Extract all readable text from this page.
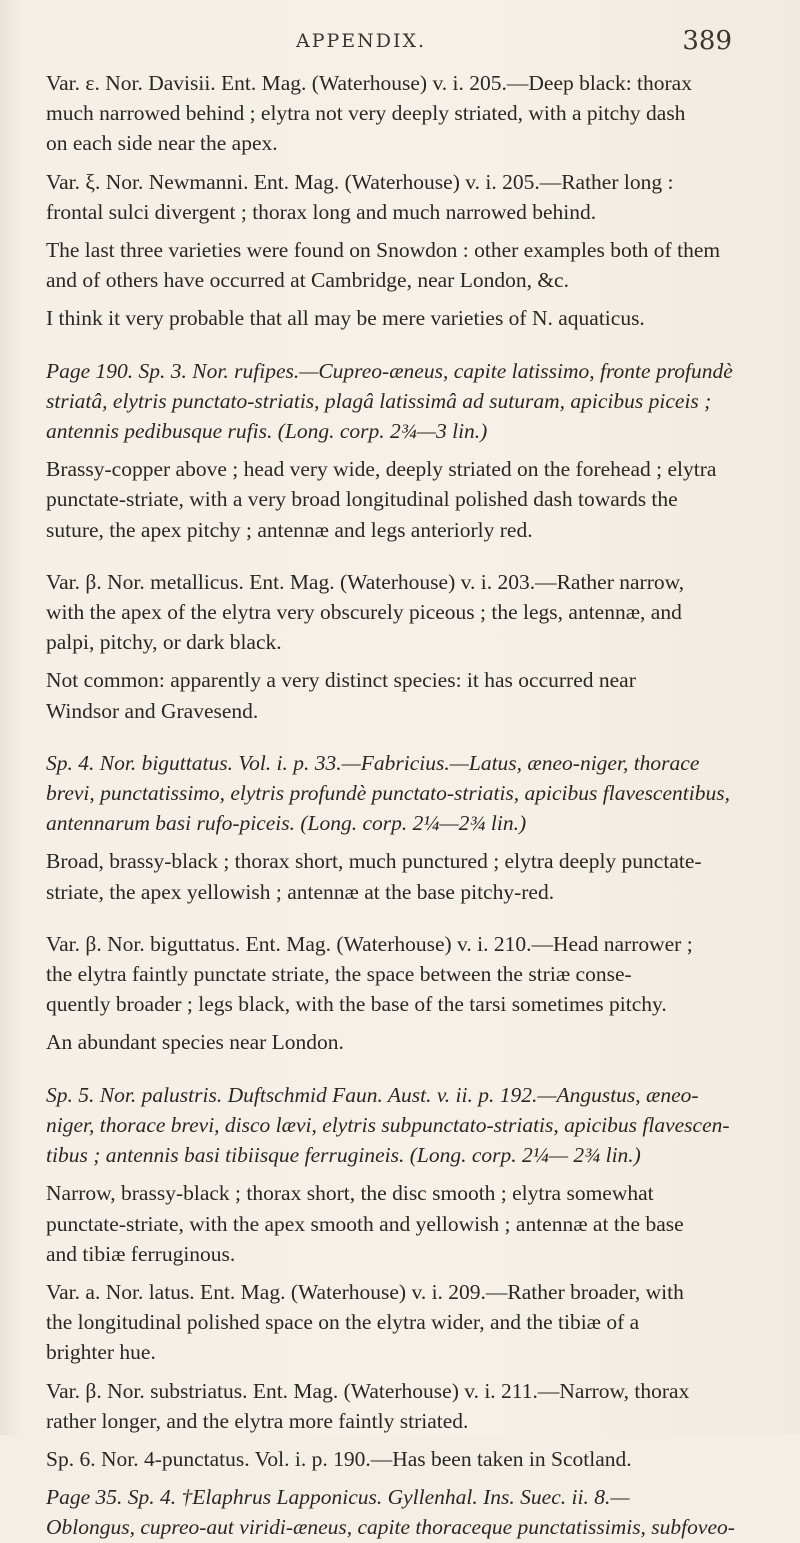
APPENDIX.	389
Var. ε. Nor. Davisii. Ent. Mag. (Waterhouse) v. i. 205.—Deep black: thorax
much narrowed behind ; elytra not very deeply striated, with a pitchy dash
on each side near the apex.
Var. ξ. Nor. Newmanni. Ent. Mag. (Waterhouse) v. i. 205.—Rather long :
frontal sulci divergent ; thorax long and much narrowed behind.
The last three varieties were found on Snowdon : other examples both of them
and of others have occurred at Cambridge, near London, &c.
I think it very probable that all may be mere varieties of N. aquaticus.
Page 190. Sp. 3. Nor. rufipes.—Cupreo-æneus, capite latissimo, fronte profundè
striatâ, elytris punctato-striatis, plagâ latissimâ ad suturam, apicibus piceis ;
antennis pedibusque rufis. (Long. corp. 2¾—3 lin.)
Brassy-copper above ; head very wide, deeply striated on the forehead ; elytra
punctate-striate, with a very broad longitudinal polished dash towards the
suture, the apex pitchy ; antennæ and legs anteriorly red.
Var. β. Nor. metallicus. Ent. Mag. (Waterhouse) v. i. 203.—Rather narrow,
with the apex of the elytra very obscurely piceous ; the legs, antennæ, and
palpi, pitchy, or dark black.
Not common: apparently a very distinct species: it has occurred near
Windsor and Gravesend.
Sp. 4. Nor. biguttatus. Vol. i. p. 33.—Fabricius.—Latus, æneo-niger, thorace
brevi, punctatissimo, elytris profundè punctato-striatis, apicibus flavescentibus,
antennarum basi rufo-piceis. (Long. corp. 2¼—2¾ lin.)
Broad, brassy-black ; thorax short, much punctured ; elytra deeply punctate-
striate, the apex yellowish ; antennæ at the base pitchy-red.
Var. β. Nor. biguttatus. Ent. Mag. (Waterhouse) v. i. 210.—Head narrower ;
the elytra faintly punctate striate, the space between the striæ conse-
quently broader ; legs black, with the base of the tarsi sometimes pitchy.
An abundant species near London.
Sp. 5. Nor. palustris. Duftschmid Faun. Aust. v. ii. p. 192.—Angustus, æneo-
niger, thorace brevi, disco lævi, elytris subpunctato-striatis, apicibus flavescen-
tibus ; antennis basi tibiisque ferrugineis. (Long. corp. 2¼— 2¾ lin.)
Narrow, brassy-black ; thorax short, the disc smooth ; elytra somewhat
punctate-striate, with the apex smooth and yellowish ; antennæ at the base
and tibiæ ferruginous.
Var. a. Nor. latus. Ent. Mag. (Waterhouse) v. i. 209.—Rather broader, with
the longitudinal polished space on the elytra wider, and the tibiæ of a
brighter hue.
Var. β. Nor. substriatus. Ent. Mag. (Waterhouse) v. i. 211.—Narrow, thorax
rather longer, and the elytra more faintly striated.
Sp. 6. Nor. 4-punctatus. Vol. i. p. 190.—Has been taken in Scotland.
Page 35. Sp. 4. †Elaphrus Lapponicus. Gyllenhal. Ins. Suec. ii. 8.—
Oblongus, cupreo-aut viridi-æneus, capite thoraceque punctatissimis, subfoveo-
